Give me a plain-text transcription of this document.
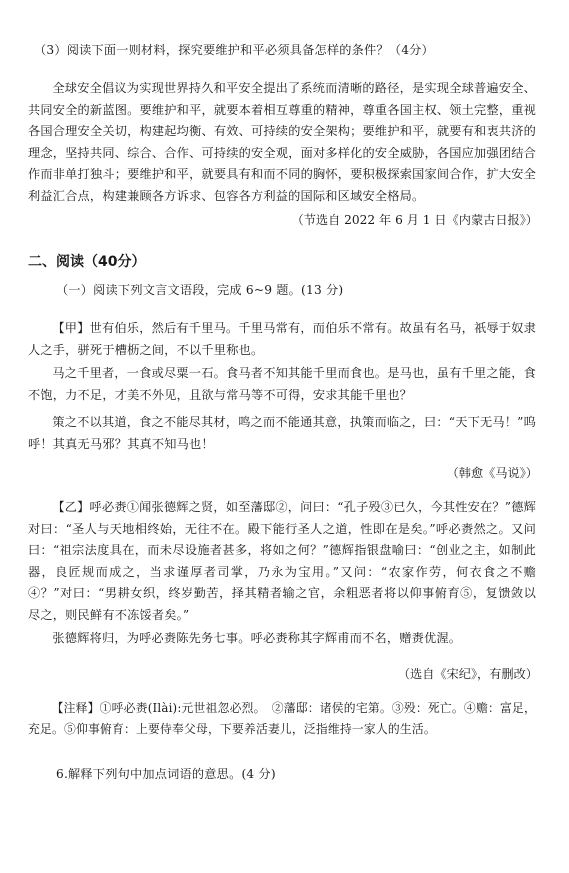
（3）阅读下面一则材料，探究要维护和平必须具备怎样的条件？（4分）
全球安全倡议为实现世界持久和平安全提出了系统而清晰的路径，是实现全球普遍安全、共同安全的新蓝图。要维护和平，就要本着相互尊重的精神，尊重各国主权、领土完整，重视各国合理安全关切，构建起均衡、有效、可持续的安全架构；要维护和平，就要有和衷共济的理念，坚持共同、综合、合作、可持续的安全观，面对多样化的安全威胁，各国应加强团结合作而非单打独斗；要维护和平，就要具有和而不同的胸怀，要积极探索国家间合作，扩大安全利益汇合点，构建兼顾各方诉求、包容各方利益的国际和区域安全格局。
（节选自 2022 年 6 月 1 日《内蒙古日报》）
二、阅读（40分）
（一）阅读下列文言文语段，完成 6~9 题。(13 分)
【甲】世有伯乐，然后有千里马。千里马常有，而伯乐不常有。故虽有名马，祇辱于奴隶人之手，骈死于槽枥之间，不以千里称也。
马之千里者，一食或尽粟一石。食马者不知其能千里而食也。是马也，虽有千里之能，食不饱，力不足，才美不外见，且欲与常马等不可得，安求其能千里也？
策之不以其道，食之不能尽其材，鸣之而不能通其意，执策而临之，曰：“天下无马！”呜呼！其真无马邪？其真不知马也！
（韩愈《马说》）
【乙】呼必赉①闻张德辉之贤，如至藩邸②，问曰：“孔子殁③已久，今其性安在？”德辉对曰：“圣人与天地相终始，无往不在。殿下能行圣人之道，性即在是矣。”呼必赉然之。又问曰：“祖宗法度具在，而未尽设施者甚多，将如之何？”德辉指银盘喻曰：“创业之主，如制此器，良匠规而成之，当求谨厚者司掌，乃永为宝用。”又问：“农家作劳，何衣食之不赡④？”对曰：“男耕女织，终岁勤苦，择其精者输之官，余粗恶者将以仰事俯育⑤，复馈敛以尽之，则民鲜有不冻馁者矣。”
张德辉将归，为呼必赉陈先务七事。呼必赉称其字辉甫而不名，赠赉优渥。
（选自《宋纪》，有删改）
【注释】①呼必赉(Ilài):元世祖忽必烈。　②藩邸：诸侯的宅第。③殁：死亡。④赡：富足，充足。⑤仰事俯育：上要侍奉父母，下要养活妻儿，泛指维持一家人的生活。
6.解释下列句中加点词语的意思。(4 分)
